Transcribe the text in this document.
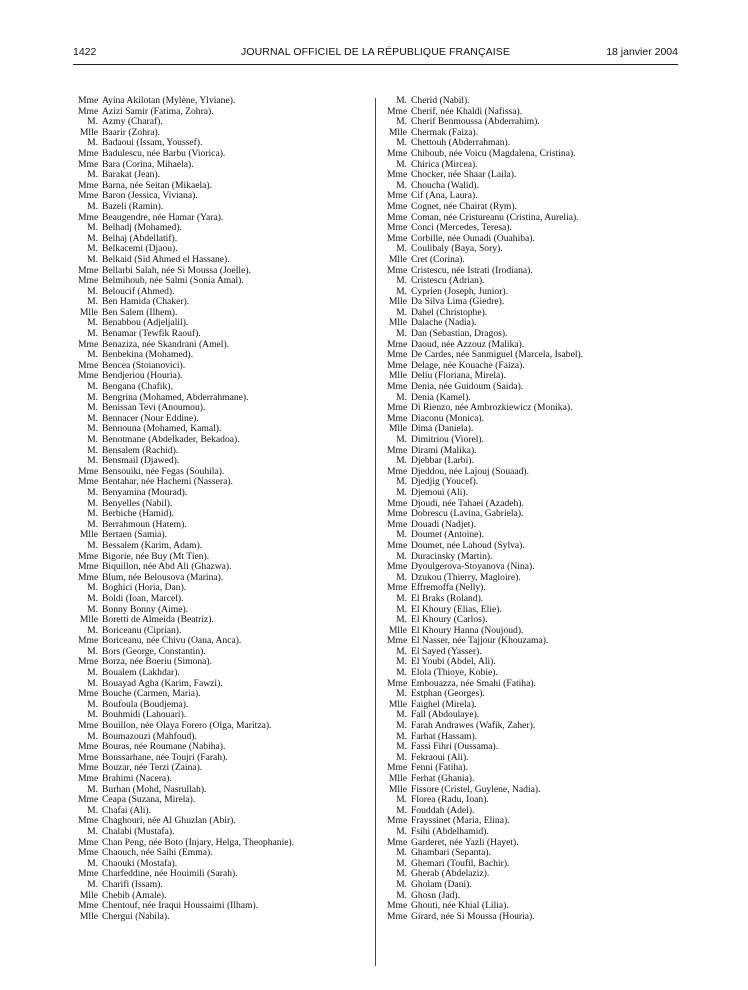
1422	JOURNAL OFFICIEL DE LA RÉPUBLIQUE FRANÇAISE	18 janvier 2004
Mme Ayina Akilotan (Mylène, Ylviane).
Mme Azizi Samir (Fatima, Zohra).
M. Azmy (Charaf).
Mlle Baarir (Zohra).
M. Badaoui (Issam, Youssef).
Mme Badulescu, née Barbu (Viorica).
Mme Bara (Corina, Mihaela).
M. Barakat (Jean).
Mme Barna, née Seitan (Mikaela).
Mme Baron (Jessica, Viviana).
M. Bazeli (Ramin).
Mme Beaugendre, née Hamar (Yara).
M. Belhadj (Mohamed).
M. Belhaj (Abdellatif).
M. Belkacemi (Djaou).
M. Belkaid (Sid Ahmed el Hassane).
Mme Bellarbi Salah, née Si Moussa (Joelle).
Mme Belmihoub, née Salmi (Sonia Amal).
M. Beloucif (Ahmed).
M. Ben Hamida (Chaker).
Mlle Ben Salem (Ilhem).
M. Benabbou (Adjeljalil).
M. Benamar (Tewfik Raouf).
Mme Benaziza, née Skandrani (Amel).
M. Benbekina (Mohamed).
Mme Bencea (Stoianovici).
Mme Bendjeriou (Houria).
M. Bengana (Chafik).
M. Bengrina (Mohamed, Abderrahmane).
M. Benissan Tevi (Anoumou).
M. Bennacer (Nour Eddine).
M. Bennouna (Mohamed, Kamal).
M. Benotmane (Abdelkader, Bekadoa).
M. Bensalem (Rachid).
M. Bensmail (Djawed).
Mme Bensouiki, née Fegas (Souhila).
Mme Bentahar, née Hachemi (Nassera).
M. Benyamina (Mourad).
M. Benyelles (Nabil).
M. Berbiche (Hamid).
M. Berrahmoun (Hatem).
Mlle Bertaen (Samia).
M. Bessalem (Karim, Adam).
Mme Bigorie, née Buy (Mt Tien).
Mme Biquillon, née Abd Ali (Ghazwa).
Mme Blum, née Belousova (Marina).
M. Boghici (Horia, Dan).
M. Boldi (Ioan, Marcel).
M. Bonny Bonny (Aime).
Mlle Boretti de Almeida (Beatriz).
M. Boriceanu (Ciprian).
Mme Boriceanu, née Chivu (Oana, Anca).
M. Bors (George, Constantin).
Mme Borza, née Boeriu (Simona).
M. Boualem (Lakhdar).
M. Bouayad Agha (Karim, Fawzi).
Mme Bouche (Carmen, Maria).
M. Boufoula (Boudjema).
M. Bouhmidi (Lahouari).
Mme Bouillon, née Olaya Forero (Olga, Maritza).
M. Boumazouzi (Mahfoud).
Mme Bouras, née Roumane (Nabiha).
Mme Boussarhane, née Toujri (Farah).
Mme Bouzar, née Terzi (Zaina).
Mme Brahimi (Nacera).
M. Burhan (Mohd, Nasrullah).
Mme Ceapa (Suzana, Mirela).
M. Chafai (Ali).
Mme Chaghouri, née Al Ghuzlan (Abir).
M. Chalabi (Mustafa).
Mme Chan Peng, née Boto (Injary, Helga, Theophanie).
Mme Chaouch, née Saihi (Emma).
M. Chaouki (Mostafa).
Mme Charfeddine, née Houimili (Sarah).
M. Charifi (Issam).
Mlle Chebib (Amale).
Mme Chentouf, née Iraqui Houssaimi (Ilham).
Mlle Chergui (Nabila).
M. Cherid (Nabil).
Mme Cherif, née Khaldi (Nafissa).
M. Cherif Benmoussa (Abderrahim).
Mlle Chermak (Faiza).
M. Chettouh (Abderrahman).
Mme Chiboub, née Voicu (Magdalena, Cristina).
M. Chirica (Mircea).
Mme Chocker, née Shaar (Laila).
M. Choucha (Walid).
Mme Cif (Ana, Laura).
Mme Cognet, née Chairat (Rym).
Mme Coman, née Cristureanu (Cristina, Aurelia).
Mme Conci (Mercedes, Teresa).
Mme Corbille, née Ounadi (Ouahiba).
M. Coulibaly (Baya, Sory).
Mlle Cret (Corina).
Mme Cristescu, née Istrati (Irodiana).
M. Cristescu (Adrian).
M. Cyprien (Joseph, Junior).
Mlle Da Silva Lima (Giedre).
M. Dahel (Christophe).
Mlle Dalache (Nadia).
M. Dan (Sebastian, Dragos).
Mme Daoud, née Azzouz (Malika).
Mme De Cardes, née Sanmiguel (Marcela, Isabel).
Mme Delage, née Kouache (Faiza).
Mlle Deliu (Floriana, Mirela).
Mme Denia, née Guidoum (Saida).
M. Denia (Kamel).
Mme Di Rienzo, née Ambrozkiewicz (Monika).
Mme Diaconu (Monica).
Mlle Dima (Daniela).
M. Dimitriou (Viorel).
Mme Dirami (Malika).
M. Djebbar (Larbi).
Mme Djeddou, née Lajouj (Souaad).
M. Djedjig (Youcef).
M. Djemoui (Ali).
Mme Djoudi, née Tahaei (Azadeh).
Mme Dobrescu (Lavina, Gabriela).
Mme Douadi (Nadjet).
M. Doumet (Antoine).
Mme Doumet, née Lahoud (Sylva).
M. Duracinsky (Martin).
Mme Dyoulgerova-Stoyanova (Nina).
M. Dzukou (Thierry, Magloire).
Mme Effremoffa (Nelly).
M. El Braks (Roland).
M. El Khoury (Elias, Elie).
M. El Khoury (Carlos).
Mlle El Khoury Hanna (Noujoud).
Mme El Nasser, née Tajjour (Khouzama).
M. El Sayed (Yasser).
M. El Youbi (Abdel, Ali).
M. Elola (Thioye, Kobie).
Mme Embouazza, née Smahi (Fatiha).
M. Estphan (Georges).
Mlle Faighel (Mirela).
M. Fall (Abdoulaye).
M. Farah Andrawes (Wafik, Zaher).
M. Farhat (Hassam).
M. Fassi Fihri (Oussama).
M. Fekraoui (Ali).
Mme Fenni (Fatiha).
Mlle Ferhat (Ghania).
Mlle Fissore (Cristel, Guylene, Nadia).
M. Florea (Radu, Ioan).
M. Fouddah (Adel).
Mme Frayssinet (Maria, Elina).
M. Fsihi (Abdelhamid).
Mme Garderet, née Yazli (Hayet).
M. Ghambari (Sepanta).
M. Ghemari (Toufil, Bachir).
M. Gherab (Abdelaziz).
M. Gholam (Dani).
M. Ghosn (Jad).
Mme Ghouti, née Khial (Lilia).
Mme Girard, née Si Moussa (Houria).
